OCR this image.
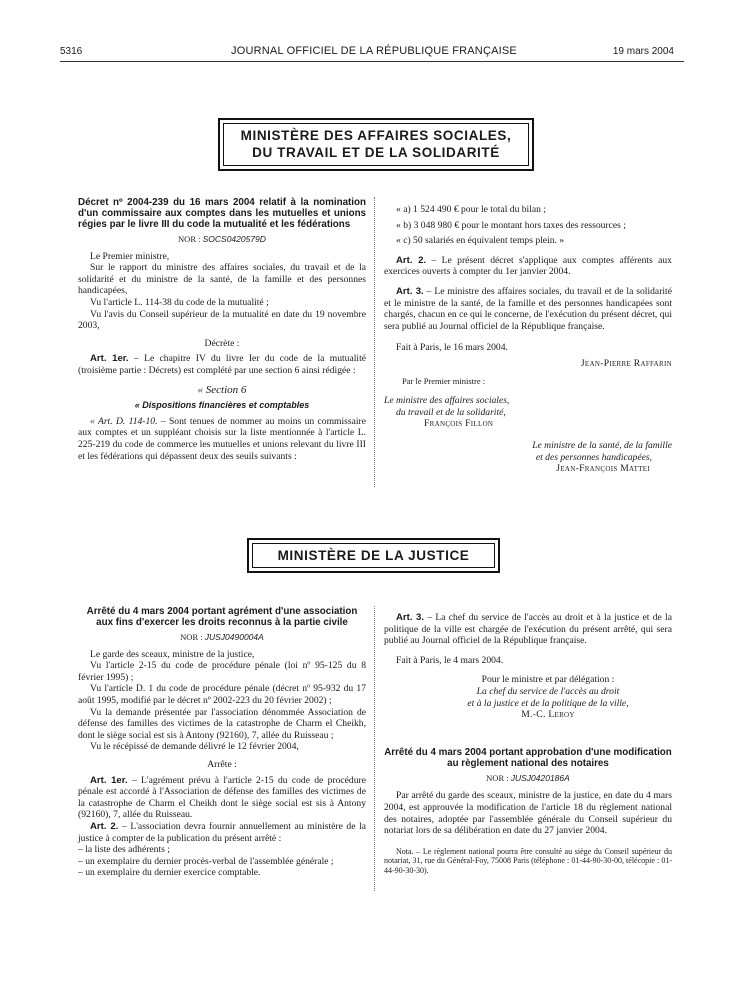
5316	JOURNAL OFFICIEL DE LA RÉPUBLIQUE FRANÇAISE	19 mars 2004
MINISTÈRE DES AFFAIRES SOCIALES,
DU TRAVAIL ET DE LA SOLIDARITÉ

Décret nº 2004-239 du 16 mars 2004 relatif à la nomination d'un commissaire aux comptes dans les mutuelles et unions régies par le livre III du code la mutualité et les fédérations

NOR : SOCS0420579D

Le Premier ministre,

Sur le rapport du ministre des affaires sociales, du travail et de la solidarité et du ministre de la santé, de la famille et des personnes handicapées,

Vu l'article L. 114-38 du code de la mutualité ;

Vu l'avis du Conseil supérieur de la mutualité en date du 19 novembre 2003,

Décrète :

Art. 1er. – Le chapitre IV du livre Ier du code de la mutualité (troisième partie : Décrets) est complété par une section 6 ainsi rédigée :

« Section 6

« Dispositions financières et comptables

« Art. D. 114-10. – Sont tenues de nommer au moins un commissaire aux comptes et un suppléant choisis sur la liste mentionnée à l'article L. 225-219 du code de commerce les mutuelles et unions relevant du livre III et les fédérations qui dépassent deux des seuils suivants :

« a) 1 524 490 € pour le total du bilan ;

« b) 3 048 980 € pour le montant hors taxes des ressources ;

« c) 50 salariés en équivalent temps plein. »

Art. 2. – Le présent décret s'applique aux comptes afférents aux exercices ouverts à compter du 1er janvier 2004.

Art. 3. – Le ministre des affaires sociales, du travail et de la solidarité et le ministre de la santé, de la famille et des personnes handicapées sont chargés, chacun en ce qui le concerne, de l'exécution du présent décret, qui sera publié au Journal officiel de la République française.

Fait à Paris, le 16 mars 2004.

Jean-Pierre Raffarin

Par le Premier ministre :

Le ministre des affaires sociales,

du travail et de la solidarité,

François Fillon

Le ministre de la santé, de la famille

et des personnes handicapées,

Jean-François Mattei

MINISTÈRE DE LA JUSTICE

Arrêté du 4 mars 2004 portant agrément d'une association aux fins d'exercer les droits reconnus à la partie civile

NOR : JUSJ0490004A

Le garde des sceaux, ministre de la justice,

Vu l'article 2-15 du code de procédure pénale (loi nº 95-125 du 8 février 1995) ;

Vu l'article D. 1 du code de procédure pénale (décret nº 95-932 du 17 août 1995, modifié par le décret nº 2002-223 du 20 février 2002) ;

Vu la demande présentée par l'association dénommée Association de défense des familles des victimes de la catastrophe de Charm el Cheikh, dont le siège social est sis à Antony (92160), 7, allée du Ruisseau ;

Vu le récépissé de demande délivré le 12 février 2004,

Arrête :

Art. 1er. – L'agrément prévu à l'article 2-15 du code de procédure pénale est accordé à l'Association de défense des familles des victimes de la catastrophe de Charm el Cheikh dont le siège social est sis à Antony (92160), 7, allée du Ruisseau.

Art. 2. – L'association devra fournir annuellement au ministère de la justice à compter de la publication du présent arrêté :

– la liste des adhérents ;

– un exemplaire du dernier procès-verbal de l'assemblée générale ;

– un exemplaire du dernier exercice comptable.

Art. 3. – La chef du service de l'accès au droit et à la justice et de la politique de la ville est chargée de l'exécution du présent arrêté, qui sera publié au Journal officiel de la République française.

Fait à Paris, le 4 mars 2004.

Pour le ministre et par délégation :

La chef du service de l'accès au droit

et à la justice et de la politique de la ville,

M.-C. Leroy

Arrêté du 4 mars 2004 portant approbation d'une modification au règlement national des notaires

NOR : JUSJ0420186A

Par arrêté du garde des sceaux, ministre de la justice, en date du 4 mars 2004, est approuvée la modification de l'article 18 du règlement national des notaires, adoptée par l'assemblée générale du Conseil supérieur du notariat lors de sa délibération en date du 27 janvier 2004.

Nota. – Le règlement national pourra être consulté au siège du Conseil supérieur du notariat, 31, rue du Général-Foy, 75008 Paris (téléphone : 01-44-90-30-00, télécopie : 01-44-90-30-30).
